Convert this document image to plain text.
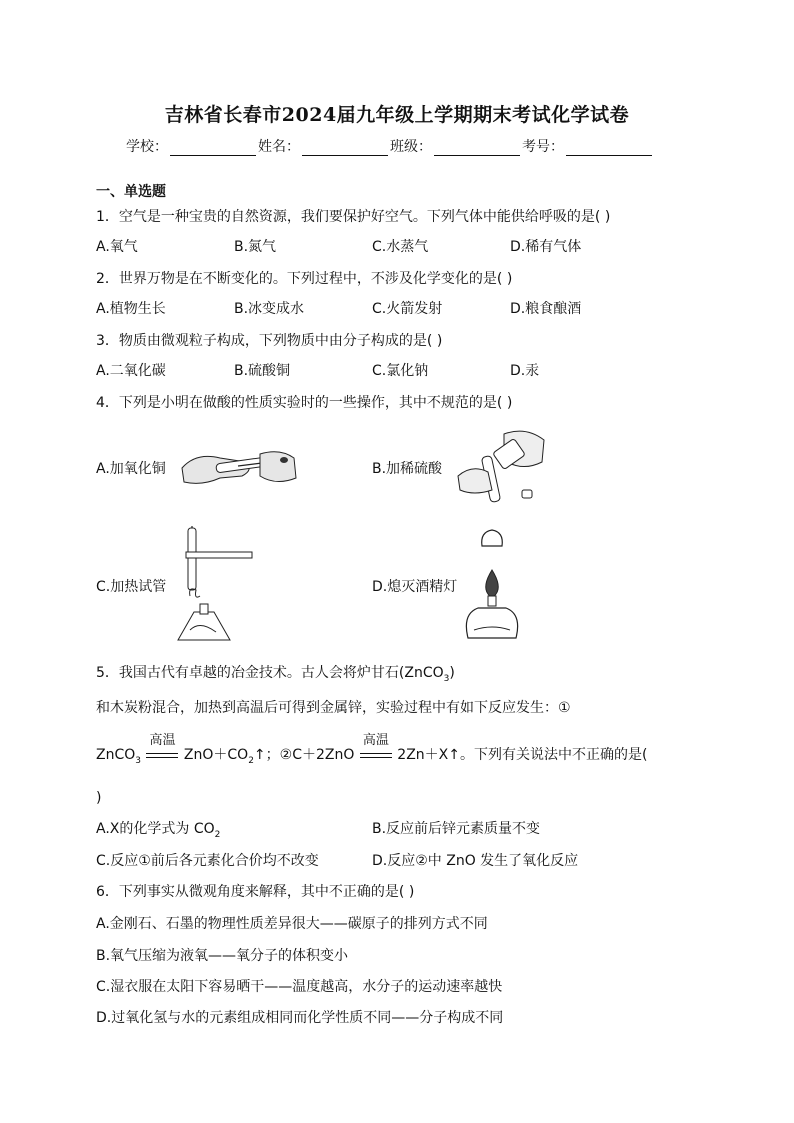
吉林省长春市2024届九年级上学期期末考试化学试卷
学校：	姓名：	班级：	考号：
一、单选题
1．空气是一种宝贵的自然资源，我们要保护好空气。下列气体中能供给呼吸的是( )
A.氧气	B.氮气	C.水蒸气	D.稀有气体
2．世界万物是在不断变化的。下列过程中，不涉及化学变化的是( )
A.植物生长	B.冰变成水	C.火箭发射	D.粮食酿酒
3．物质由微观粒子构成，下列物质中由分子构成的是( )
A.二氧化碳	B.硫酸铜	C.氯化钠	D.汞
4．下列是小明在做酸的性质实验时的一些操作，其中不规范的是( )
A.加氧化铜	B.加稀硫酸
C.加热试管	D.熄灭酒精灯
5．我国古代有卓越的冶金技术。古人会将炉甘石(ZnCO$_3$)
和木炭粉混合，加热到高温后可得到金属锌，实验过程中有如下反应发生：①
ZnCO$_3$
高温
$ZnO+CO_2↑$；②C＋2ZnO
高温
2Zn＋X↑。下列有关说法中不正确的是(
)
A.X的化学式为 $CO_2$	B.反应前后锌元素质量不变
C.反应①前后各元素化合价均不改变	D.反应②中 ZnO 发生了氧化反应
6．下列事实从微观角度来解释，其中不正确的是( )
A.金刚石、石墨的物理性质差异很大——碳原子的排列方式不同
B.氧气压缩为液氧——氧分子的体积变小
C.湿衣服在太阳下容易晒干——温度越高，水分子的运动速率越快
D.过氧化氢与水的元素组成相同而化学性质不同——分子构成不同
